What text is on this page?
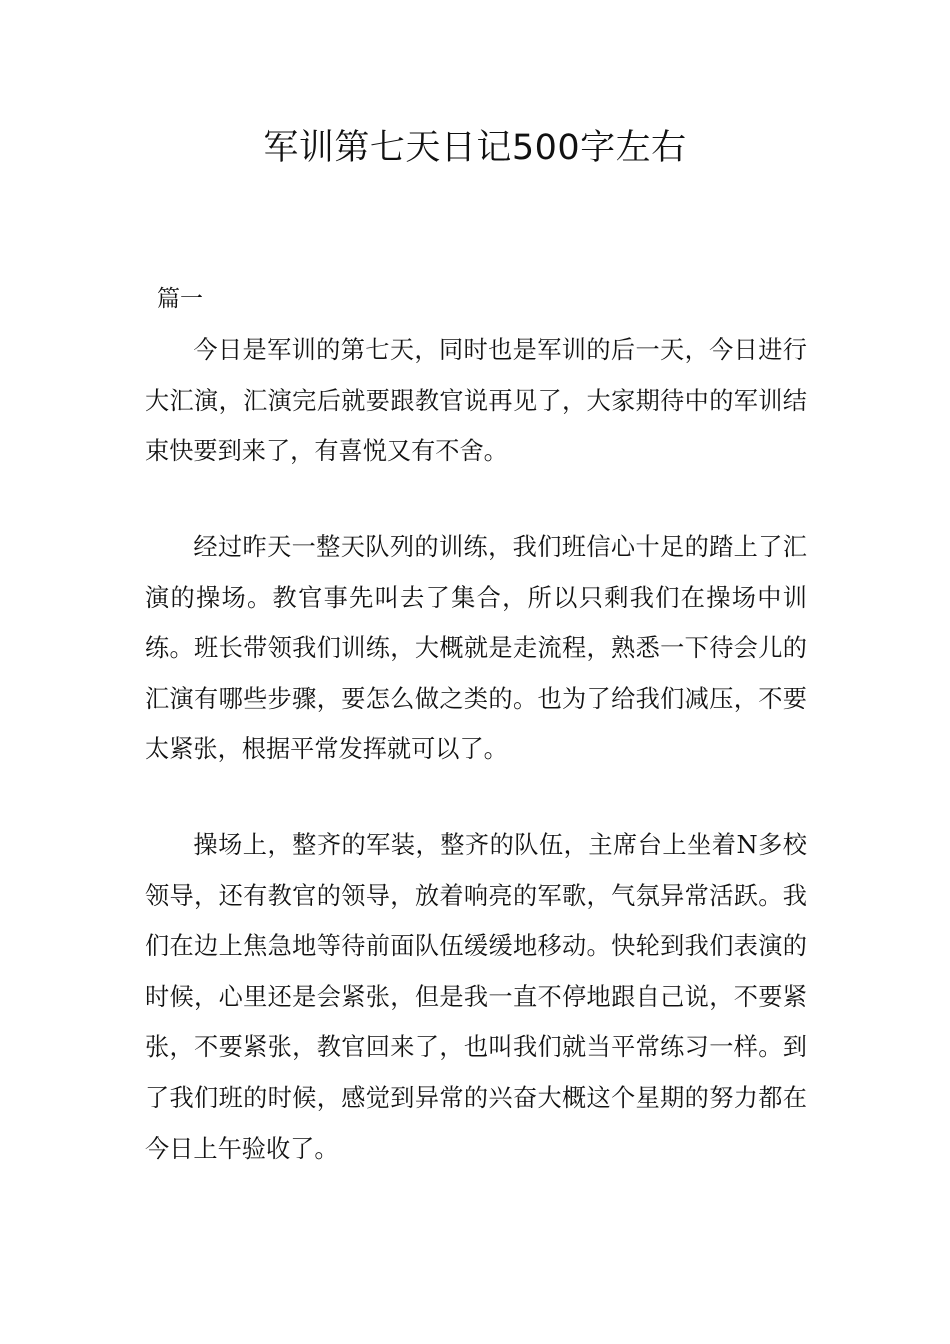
军训第七天日记500字左右

篇一

今日是军训的第七天，同时也是军训的后一天，今日进行大汇演，汇演完后就要跟教官说再见了，大家期待中的军训结束快要到来了，有喜悦又有不舍。

经过昨天一整天队列的训练，我们班信心十足的踏上了汇演的操场。教官事先叫去了集合，所以只剩我们在操场中训练。班长带领我们训练，大概就是走流程，熟悉一下待会儿的汇演有哪些步骤，要怎么做之类的。也为了给我们减压，不要太紧张，根据平常发挥就可以了。

操场上，整齐的军装，整齐的队伍，主席台上坐着N多校领导，还有教官的领导，放着响亮的军歌，气氛异常活跃。我们在边上焦急地等待前面队伍缓缓地移动。快轮到我们表演的时候，心里还是会紧张，但是我一直不停地跟自己说，不要紧张，不要紧张，教官回来了，也叫我们就当平常练习一样。到了我们班的时候，感觉到异常的兴奋大概这个星期的努力都在今日上午验收了。
